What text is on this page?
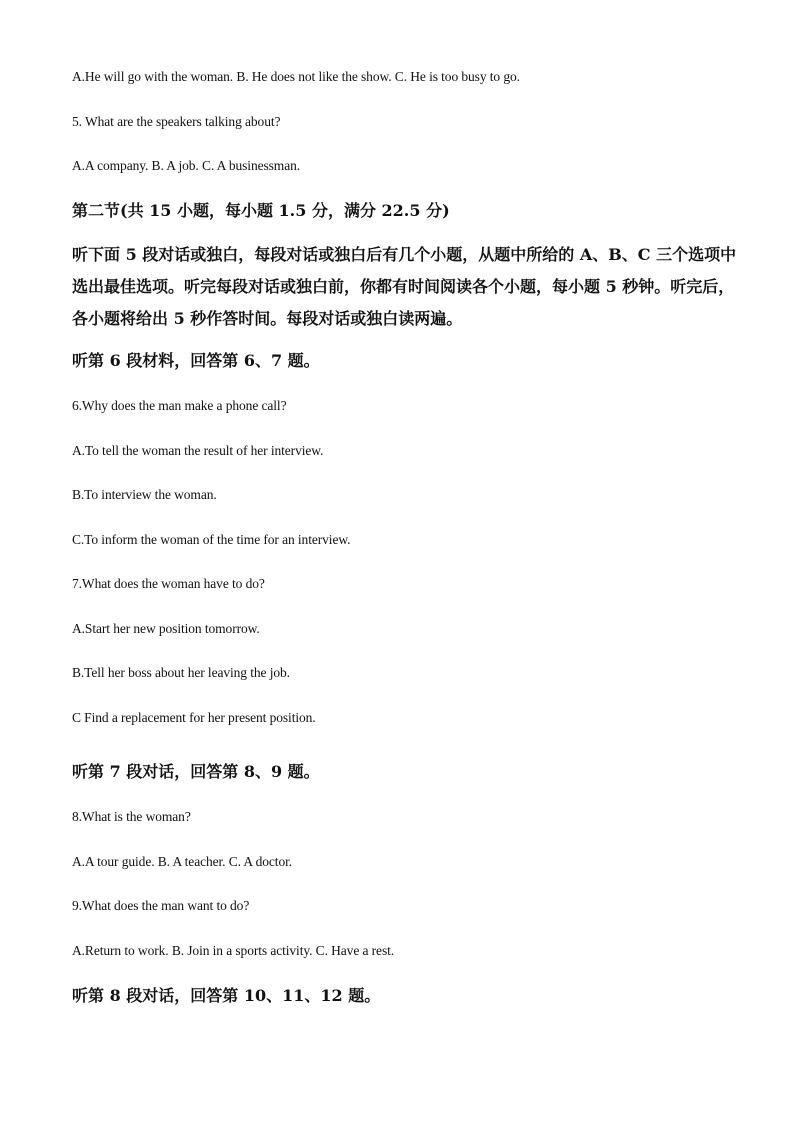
A.He will go with the woman. B. He does not like the show. C. He is too busy to go.
5. What are the speakers talking about?
A.A company. B. A job. C. A businessman.
第二节(共 15 小题，每小题 1.5 分，满分 22.5 分)
听下面 5 段对话或独白，每段对话或独白后有几个小题，从题中所给的 A、B、C 三个选项中选出最佳选项。听完每段对话或独白前，你都有时间阅读各个小题，每小题 5 秒钟。听完后，各小题将给出 5 秒作答时间。每段对话或独白读两遍。
听第 6 段材料，回答第 6、7 题。
6.Why does the man make a phone call?
A.To tell the woman the result of her interview.
B.To interview the woman.
C.To inform the woman of the time for an interview.
7.What does the woman have to do?
A.Start her new position tomorrow.
B.Tell her boss about her leaving the job.
C Find a replacement for her present position.
听第 7 段对话，回答第 8、9 题。
8.What is the woman?
A.A tour guide. B. A teacher. C. A doctor.
9.What does the man want to do?
A.Return to work. B. Join in a sports activity. C. Have a rest.
听第 8 段对话，回答第 10、11、12 题。
